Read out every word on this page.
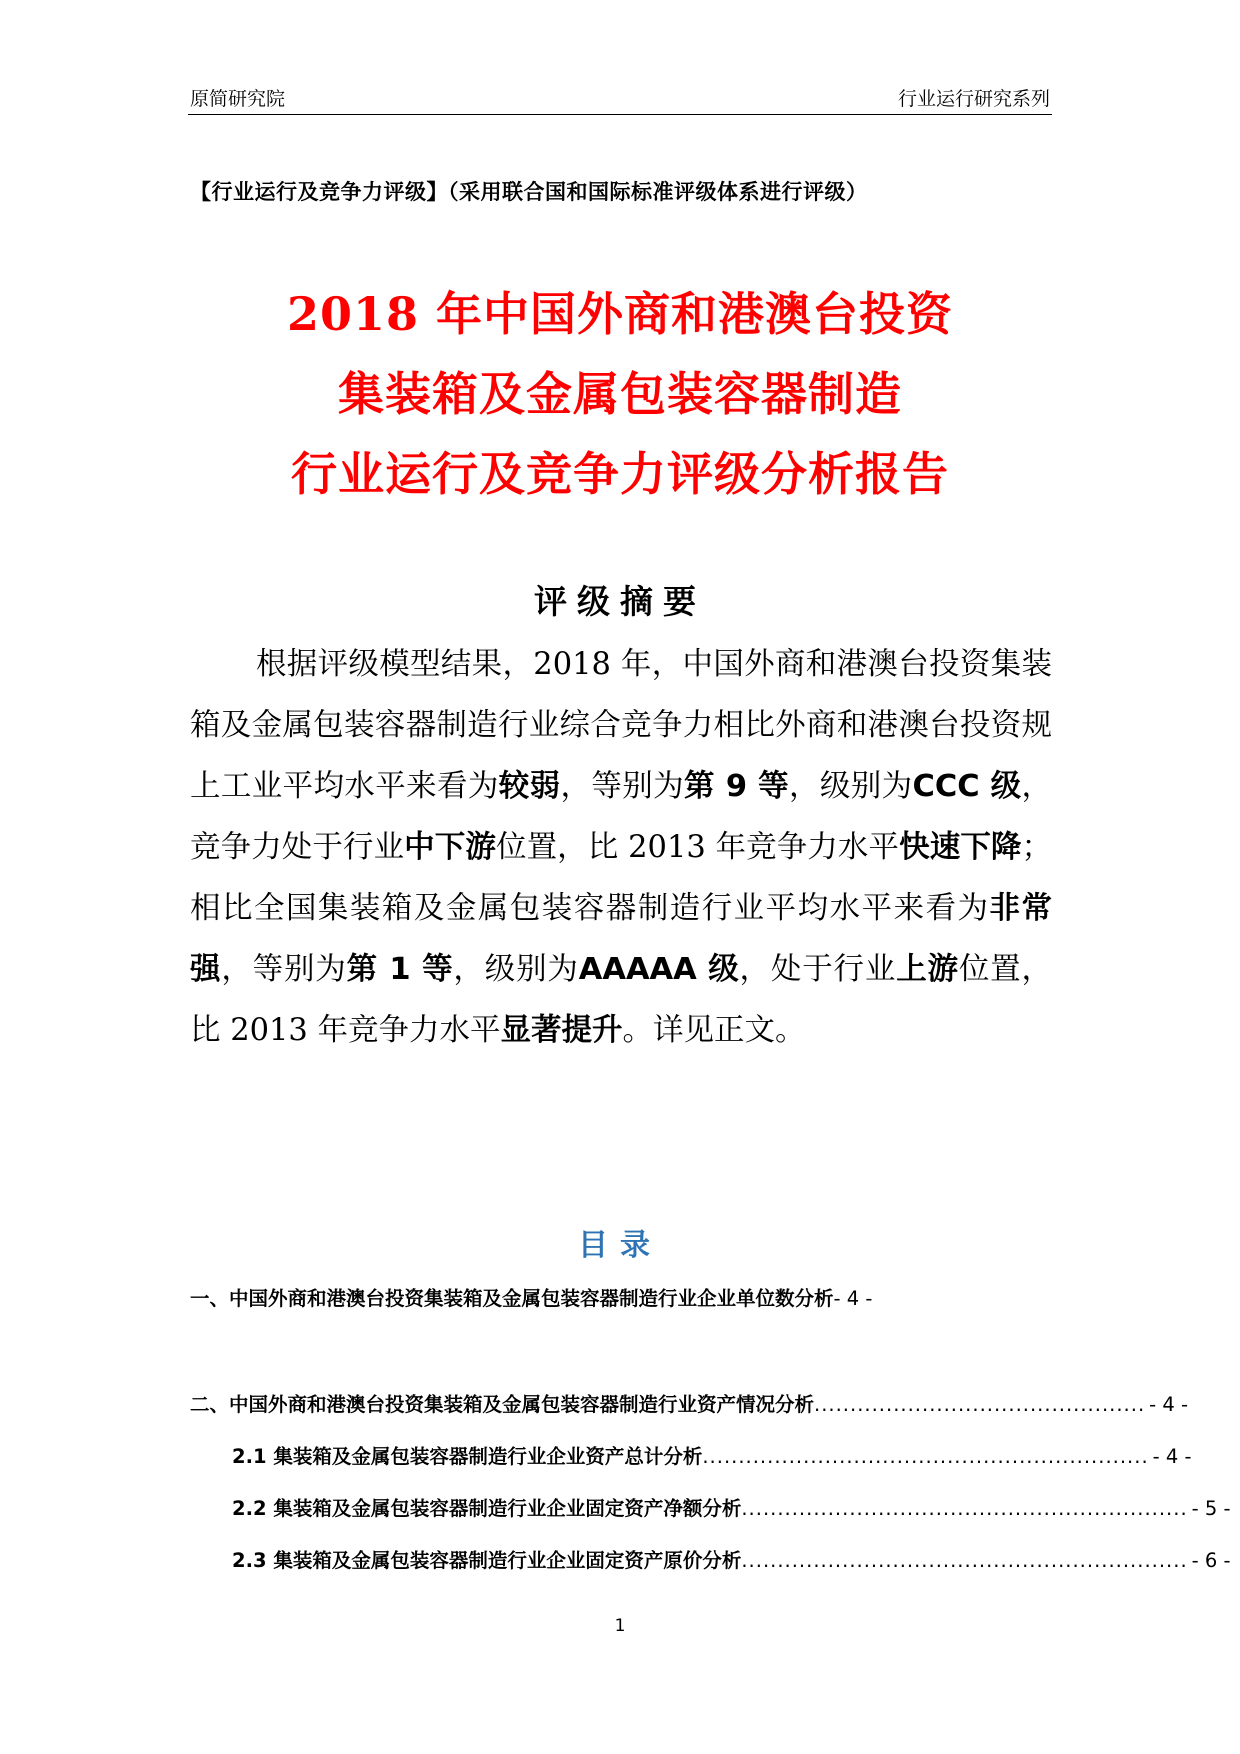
原简研究院	行业运行研究系列
【行业运行及竞争力评级】（采用联合国和国际标准评级体系进行评级）
2018 年中国外商和港澳台投资
集装箱及金属包装容器制造
行业运行及竞争力评级分析报告
评级摘要
根据评级模型结果，2018 年，中国外商和港澳台投资集装箱及金属包装容器制造行业综合竞争力相比外商和港澳台投资规上工业平均水平来看为较弱，等别为第 9 等，级别为CCC 级，竞争力处于行业中下游位置，比 2013 年竞争力水平快速下降；相比全国集装箱及金属包装容器制造行业平均水平来看为非常强，等别为第 1 等，级别为AAAAA 级，处于行业上游位置，比 2013 年竞争力水平显著提升。详见正文。
目录
一、中国外商和港澳台投资集装箱及金属包装容器制造行业企业单位数分析- 4 -
二、中国外商和港澳台投资集装箱及金属包装容器制造行业资产情况分析 .............................................. - 4 -
2.1 集装箱及金属包装容器制造行业企业资产总计分析 .............................................................. - 4 -
2.2 集装箱及金属包装容器制造行业企业固定资产净额分析 .............................................................. - 5 -
2.3 集装箱及金属包装容器制造行业企业固定资产原价分析 .............................................................. - 6 -
1
